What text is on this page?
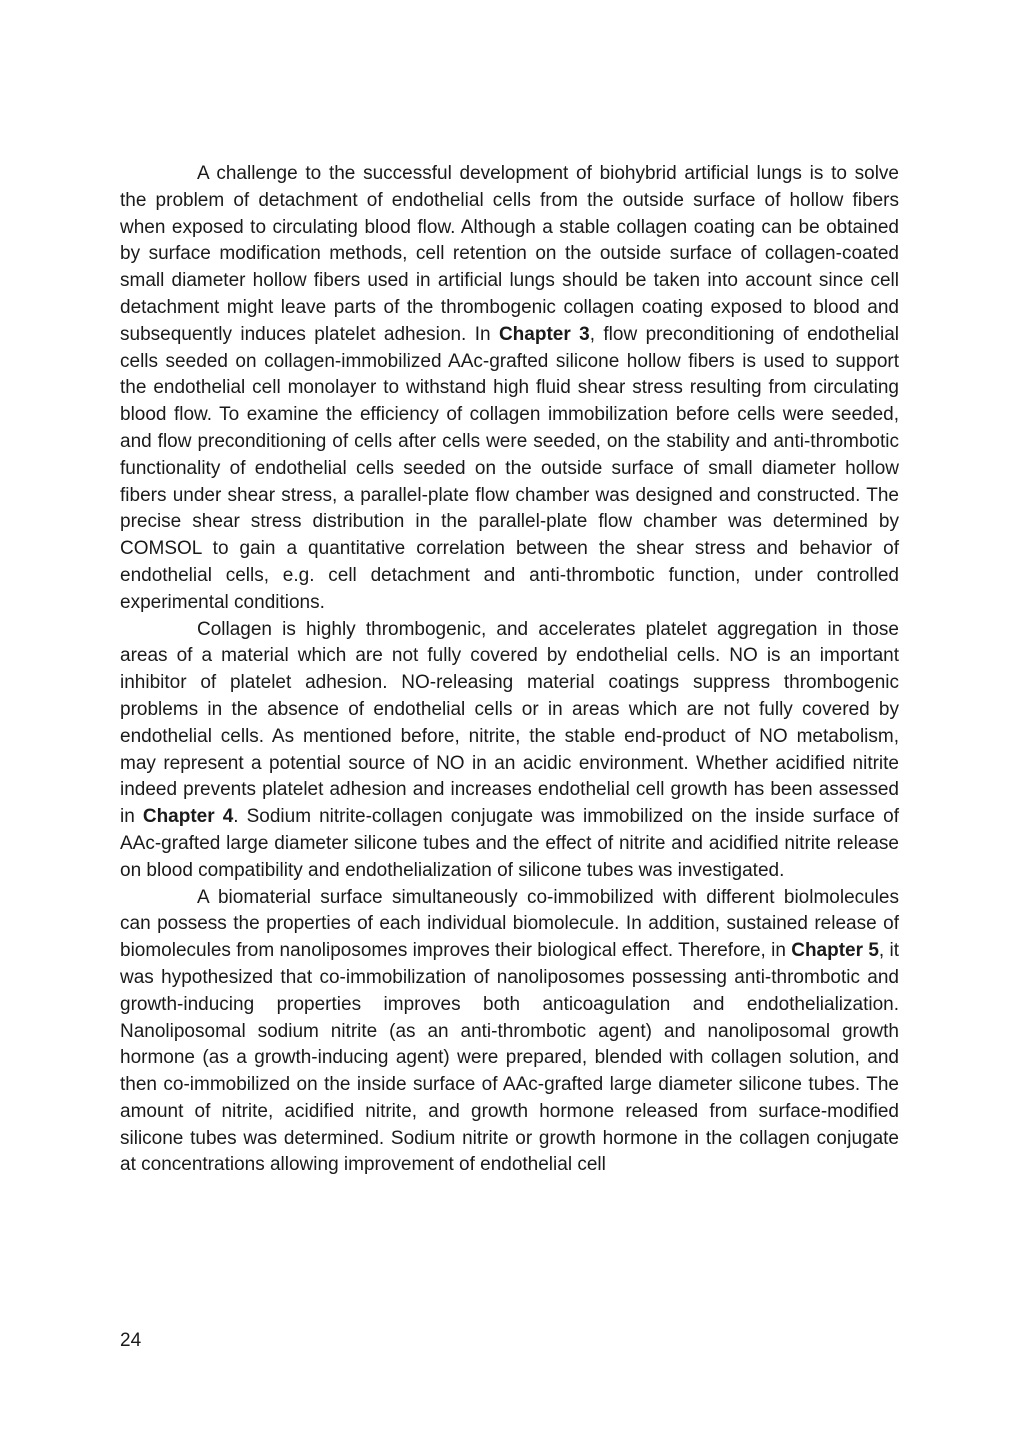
A challenge to the successful development of biohybrid artificial lungs is to solve the problem of detachment of endothelial cells from the outside surface of hollow fibers when exposed to circulating blood flow. Although a stable collagen coating can be obtained by surface modification methods, cell retention on the outside surface of collagen-coated small diameter hollow fibers used in artificial lungs should be taken into account since cell detachment might leave parts of the thrombogenic collagen coating exposed to blood and subsequently induces platelet adhesion. In Chapter 3, flow preconditioning of endothelial cells seeded on collagen-immobilized AAc-grafted silicone hollow fibers is used to support the endothelial cell monolayer to withstand high fluid shear stress resulting from circulating blood flow. To examine the efficiency of collagen immobilization before cells were seeded, and flow preconditioning of cells after cells were seeded, on the stability and anti-thrombotic functionality of endothelial cells seeded on the outside surface of small diameter hollow fibers under shear stress, a parallel-plate flow chamber was designed and constructed. The precise shear stress distribution in the parallel-plate flow chamber was determined by COMSOL to gain a quantitative correlation between the shear stress and behavior of endothelial cells, e.g. cell detachment and anti-thrombotic function, under controlled experimental conditions.

Collagen is highly thrombogenic, and accelerates platelet aggregation in those areas of a material which are not fully covered by endothelial cells. NO is an important inhibitor of platelet adhesion. NO-releasing material coatings suppress thrombogenic problems in the absence of endothelial cells or in areas which are not fully covered by endothelial cells. As mentioned before, nitrite, the stable end-product of NO metabolism, may represent a potential source of NO in an acidic environment. Whether acidified nitrite indeed prevents platelet adhesion and increases endothelial cell growth has been assessed in Chapter 4. Sodium nitrite-collagen conjugate was immobilized on the inside surface of AAc-grafted large diameter silicone tubes and the effect of nitrite and acidified nitrite release on blood compatibility and endothelialization of silicone tubes was investigated.

A biomaterial surface simultaneously co-immobilized with different biolmolecules can possess the properties of each individual biomolecule. In addition, sustained release of biomolecules from nanoliposomes improves their biological effect. Therefore, in Chapter 5, it was hypothesized that co-immobilization of nanoliposomes possessing anti-thrombotic and growth-inducing properties improves both anticoagulation and endothelialization. Nanoliposomal sodium nitrite (as an anti-thrombotic agent) and nanoliposomal growth hormone (as a growth-inducing agent) were prepared, blended with collagen solution, and then co-immobilized on the inside surface of AAc-grafted large diameter silicone tubes. The amount of nitrite, acidified nitrite, and growth hormone released from surface-modified silicone tubes was determined. Sodium nitrite or growth hormone in the collagen conjugate at concentrations allowing improvement of endothelial cell

24
